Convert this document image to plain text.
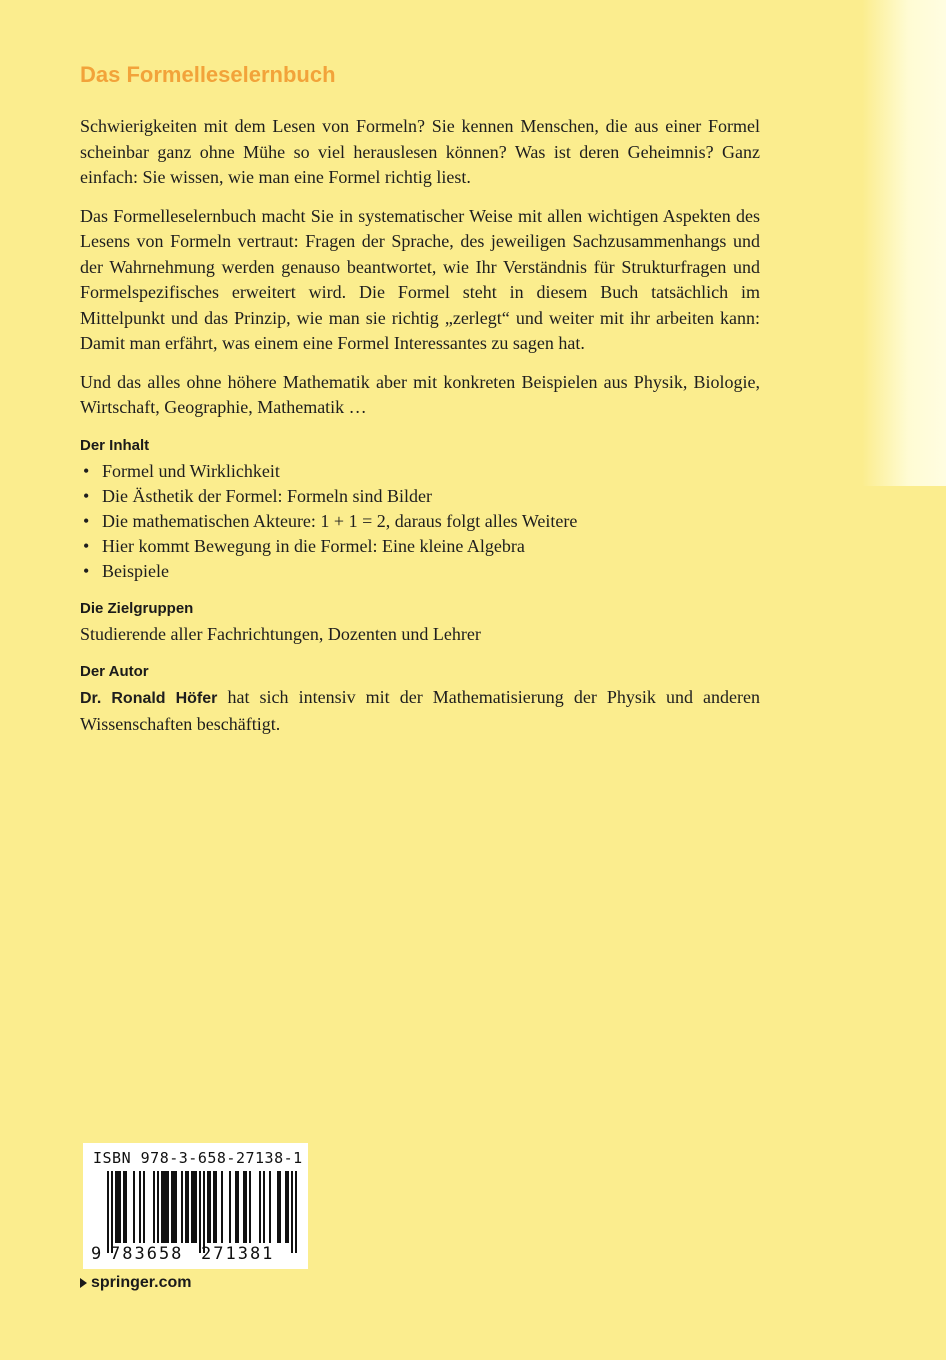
Das Formelleselernbuch

Schwierigkeiten mit dem Lesen von Formeln? Sie kennen Menschen, die aus einer Formel scheinbar ganz ohne Mühe so viel herauslesen können? Was ist deren Geheimnis? Ganz einfach: Sie wissen, wie man eine Formel richtig liest.

Das Formelleselernbuch macht Sie in systematischer Weise mit allen wichtigen Aspekten des Lesens von Formeln vertraut: Fragen der Sprache, des jeweiligen Sachzusammenhangs und der Wahrnehmung werden genauso beantwortet, wie Ihr Verständnis für Strukturfragen und Formelspezifisches erweitert wird. Die Formel steht in diesem Buch tatsächlich im Mittelpunkt und das Prinzip, wie man sie richtig „zerlegt“ und weiter mit ihr arbeiten kann: Damit man erfährt, was einem eine Formel Interessantes zu sagen hat.

Und das alles ohne höhere Mathematik aber mit konkreten Beispielen aus Physik, Biologie, Wirtschaft, Geographie, Mathematik …

Der Inhalt
• Formel und Wirklichkeit
• Die Ästhetik der Formel: Formeln sind Bilder
• Die mathematischen Akteure: 1 + 1 = 2, daraus folgt alles Weitere
• Hier kommt Bewegung in die Formel: Eine kleine Algebra
• Beispiele
Die Zielgruppen

Studierende aller Fachrichtungen, Dozenten und Lehrer

Der Autor

Dr. Ronald Höfer hat sich intensiv mit der Mathematisierung der Physik und anderen Wissenschaften beschäftigt.

ISBN 978-3-658-27138-1
9 783658 271381
springer.com
